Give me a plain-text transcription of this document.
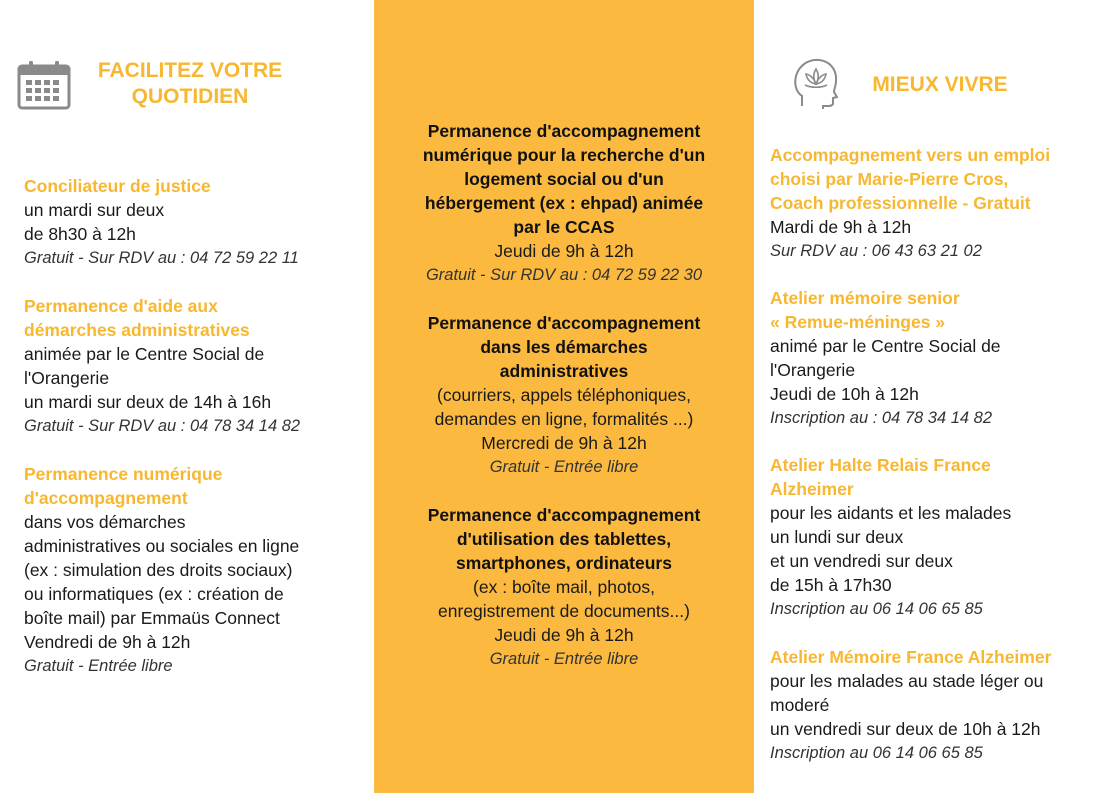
FACILITEZ VOTRE QUOTIDIEN
Conciliateur de justice
un mardi sur deux
de 8h30 à 12h
Gratuit - Sur RDV au : 04 72 59 22 11
Permanence d'aide aux
démarches administratives
animée par le Centre Social de
l'Orangerie
un mardi sur deux de 14h à 16h
Gratuit - Sur RDV au : 04 78 34 14 82
Permanence numérique
d'accompagnement
dans vos démarches
administratives ou sociales en ligne
(ex : simulation des droits sociaux)
ou informatiques (ex : création de
boîte mail) par Emmaüs Connect
Vendredi de 9h à 12h
Gratuit - Entrée libre
Permanence d'accompagnement
numérique pour la recherche d'un
logement social ou d'un
hébergement (ex : ehpad) animée
par le CCAS
Jeudi de 9h à 12h
Gratuit - Sur RDV au : 04 72 59 22 30
Permanence d'accompagnement
dans les démarches
administratives
(courriers, appels téléphoniques,
demandes en ligne, formalités ...)
Mercredi de 9h à 12h
Gratuit - Entrée libre
Permanence d'accompagnement
d'utilisation des tablettes,
smartphones, ordinateurs
(ex : boîte mail, photos,
enregistrement de documents...)
Jeudi de 9h à 12h
Gratuit - Entrée libre
MIEUX VIVRE
Accompagnement vers un emploi
choisi par Marie-Pierre Cros,
Coach professionnelle - Gratuit
Mardi de 9h à 12h
Sur RDV au : 06 43 63 21 02
Atelier mémoire senior
« Remue-méninges »
animé par le Centre Social de
l'Orangerie
Jeudi de 10h à 12h
Inscription au : 04 78 34 14 82
Atelier Halte Relais France
Alzheimer
pour les aidants et les malades
un lundi sur deux
et un vendredi sur deux
de 15h à 17h30
Inscription au 06 14 06 65 85
Atelier Mémoire France Alzheimer
pour les malades au stade léger ou
moderé
un vendredi sur deux de 10h à 12h
Inscription au 06 14 06 65 85
